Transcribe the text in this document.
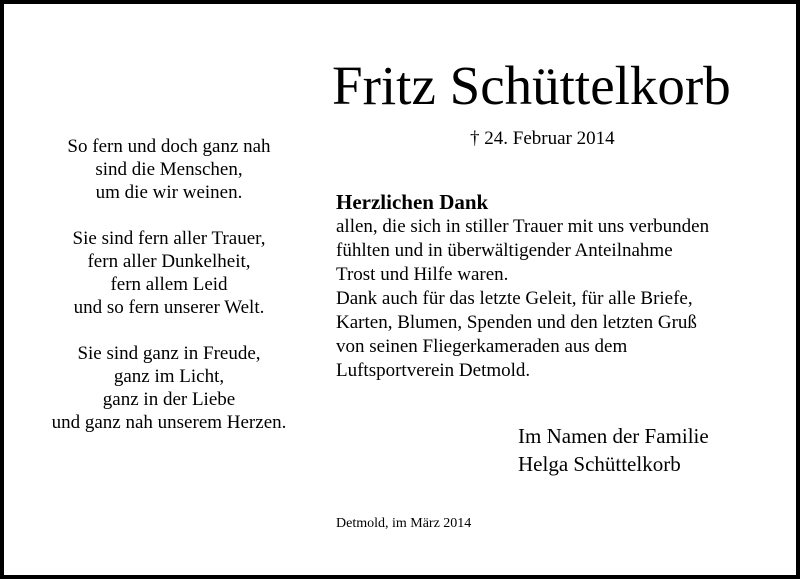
So fern und doch ganz nah
sind die Menschen,
um die wir weinen.
Sie sind fern aller Trauer,
fern aller Dunkelheit,
fern allem Leid
und so fern unserer Welt.
Sie sind ganz in Freude,
ganz im Licht,
ganz in der Liebe
und ganz nah unserem Herzen.
Fritz Schüttelkorb
† 24. Februar 2014
Herzlichen Dank
allen, die sich in stiller Trauer mit uns verbunden
fühlten und in überwältigender Anteilnahme
Trost und Hilfe waren.
Dank auch für das letzte Geleit, für alle Briefe,
Karten, Blumen, Spenden und den letzten Gruß
von seinen Fliegerkameraden aus dem
Luftsportverein Detmold.
Im Namen der Familie
Helga Schüttelkorb
Detmold, im März 2014
